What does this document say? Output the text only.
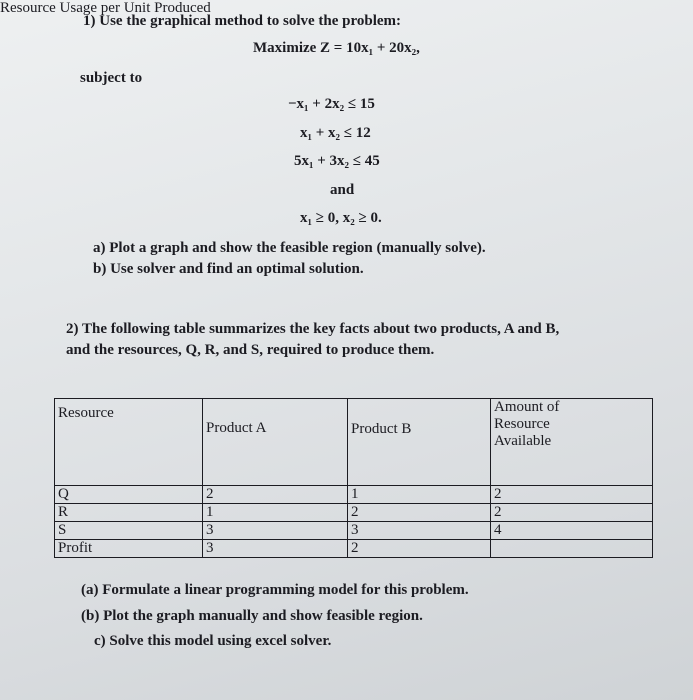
1) Use the graphical method to solve the problem:
Maximize Z = 10x₁ + 20x₂,
subject to
−x₁ + 2x₂ ≤ 15
x₁ + x₂ ≤ 12
5x₁ + 3x₂ ≤ 45
and
x₁ ≥ 0, x₂ ≥ 0.
a) Plot a graph and show the feasible region (manually solve).
b) Use solver and find an optimal solution.
2) The following table summarizes the key facts about two products, A and B,
and the resources, Q, R, and S, required to produce them.
Resource	Product A	Product B	Amount of
Resource
Available

Q	2	1	2
R	1	2	2
S	3	3	4
Profit	3	2	
Resource Usage per Unit Produced
(a) Formulate a linear programming model for this problem.
(b) Plot the graph manually and show feasible region.
c) Solve this model using excel solver.
